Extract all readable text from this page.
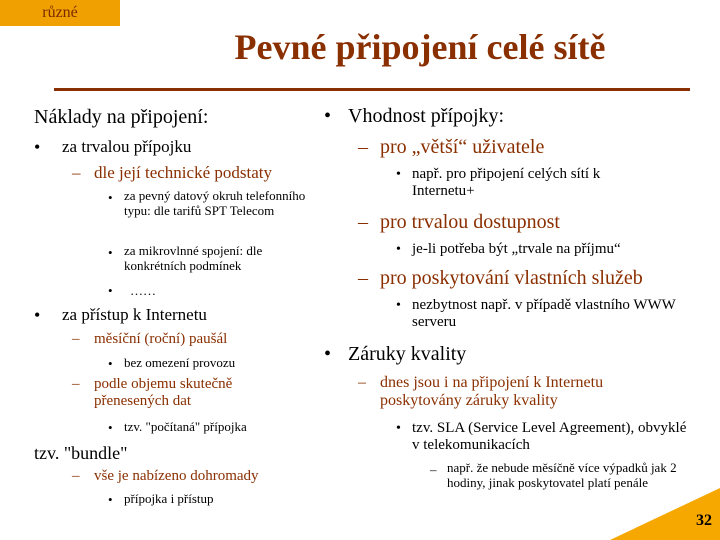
různé
Pevné připojení celé sítě
Náklady na připojení:
• za trvalou přípojku
– dle její technické podstaty
• za pevný datový okruh telefonního typu: dle tarifů SPT Telecom
• za mikrovlnné spojení: dle konkrétních podmínek
• ……
• za přístup k Internetu
– měsíční (roční) paušál
• bez omezení provozu
– podle objemu skutečně přenesených dat
• tzv. "počítaná" přípojka
tzv. "bundle"
– vše je nabízeno dohromady
• přípojka i přístup
• Vhodnost přípojky:
– pro „větší“ uživatele
• např. pro připojení celých sítí k Internetu+
– pro trvalou dostupnost
• je-li potřeba být „trvale na příjmu“
– pro poskytování vlastních služeb
• nezbytnost např. v případě vlastního WWW serveru
• Záruky kvality
– dnes jsou i na připojení k Internetu poskytovány záruky kvality
• tzv. SLA (Service Level Agreement), obvyklé v telekomunikacích
– např. že nebude měsíčně více výpadků jak 2 hodiny, jinak poskytovatel platí penále
32
